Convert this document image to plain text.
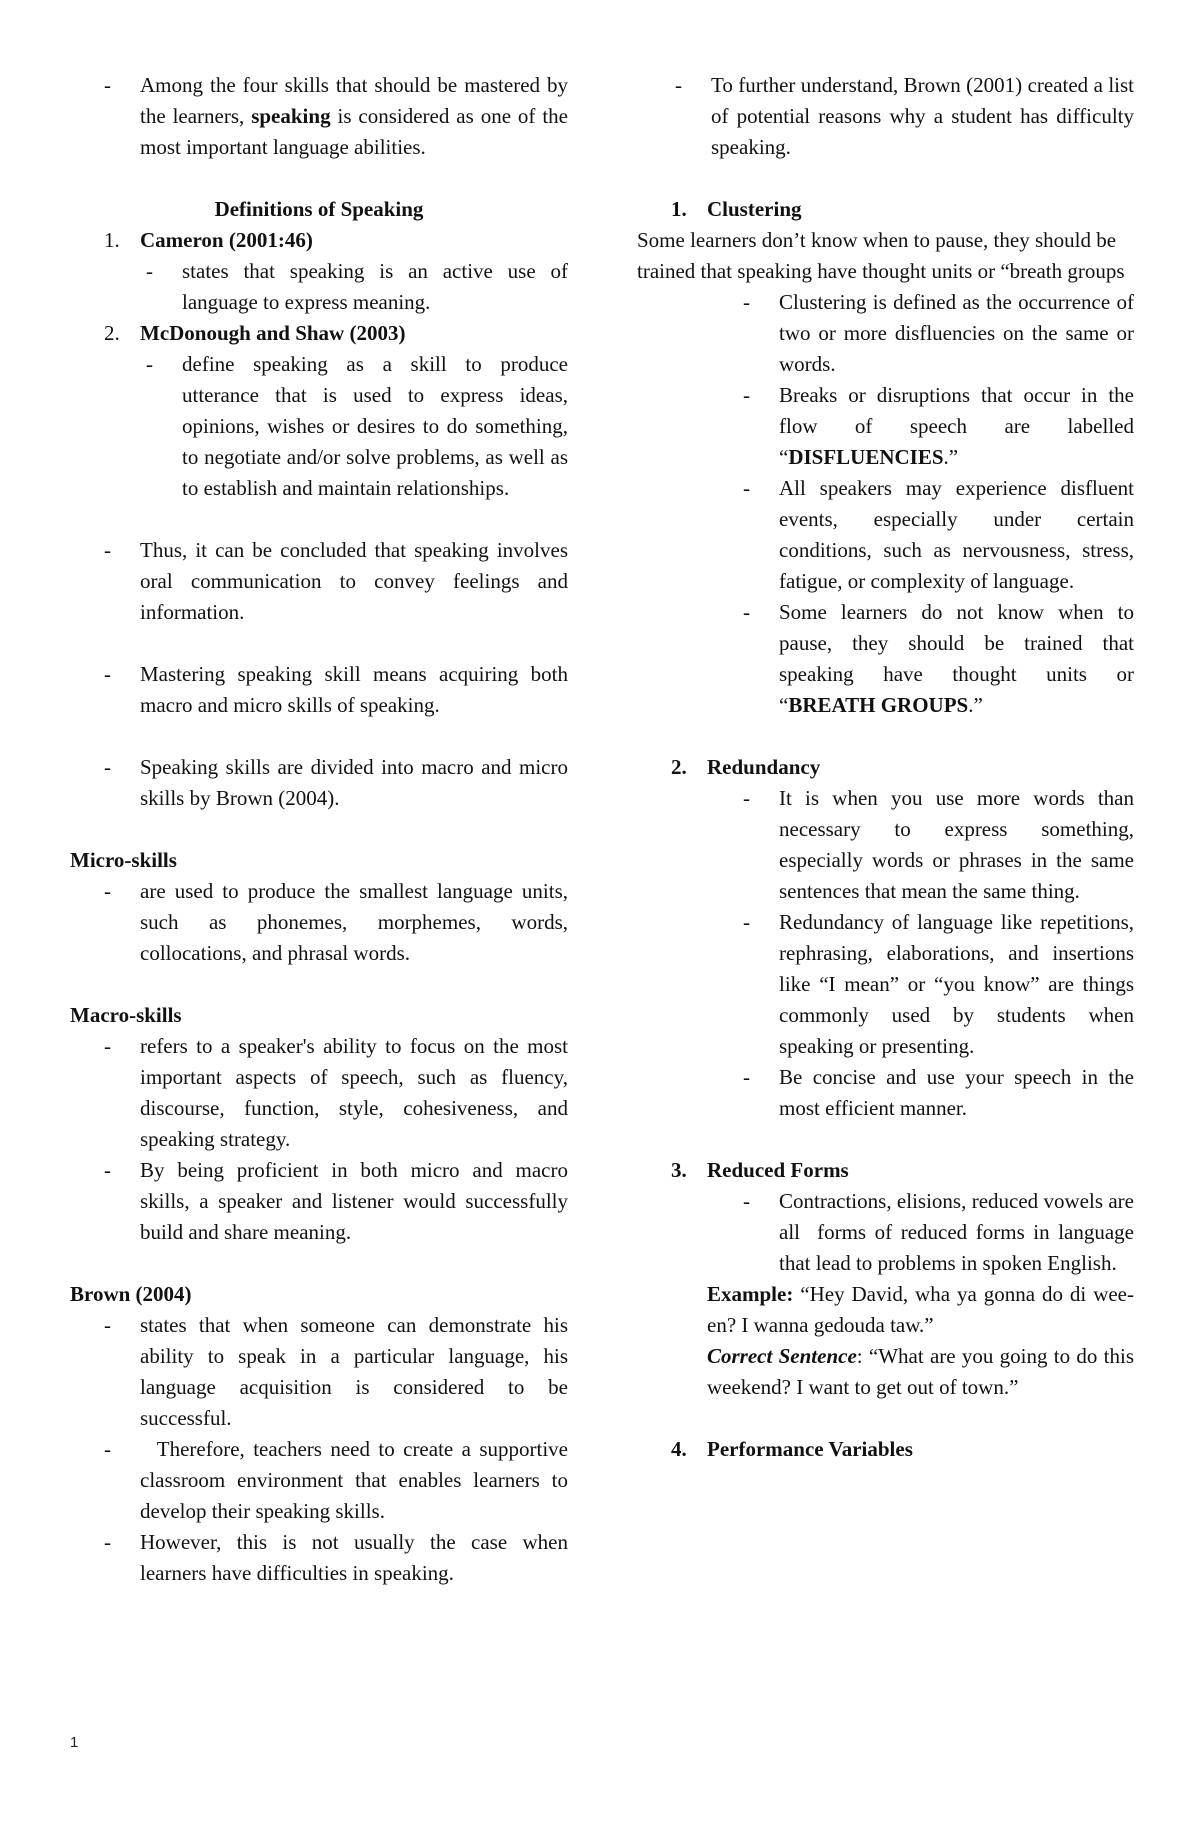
-	Among the four skills that should be mastered by the learners, speaking is considered as one of the most important language abilities.

Definitions of Speaking

1. Cameron (2001:46)
-	states that speaking is an active use of language to express meaning.
2. McDonough and Shaw (2003)
-	define speaking as a skill to produce utterance that is used to express ideas, opinions, wishes or desires to do something, to negotiate and/or solve problems, as well as to establish and maintain relationships.
-	Thus, it can be concluded that speaking involves oral communication to convey feelings and information.
-	Mastering speaking skill means acquiring both macro and micro skills of speaking.
-	Speaking skills are divided into macro and micro skills by Brown (2004).

Micro-skills

-	are used to produce the smallest language units, such as phonemes, morphemes, words, collocations, and phrasal words.

Macro-skills

-	refers to a speaker's ability to focus on the most important aspects of speech, such as fluency, discourse, function, style, cohesiveness, and speaking strategy.
-	By being proficient in both micro and macro skills, a speaker and listener would successfully build and share meaning.

Brown (2004)

-	states that when someone can demonstrate his ability to speak in a particular language, his language acquisition is considered to be successful.
-	Therefore, teachers need to create a supportive classroom environment that enables learners to develop their speaking skills.
-	However, this is not usually the case when learners have difficulties in speaking.
-	To further understand, Brown (2001) created a list of potential reasons why a student has difficulty speaking.
1. Clustering

Some learners don’t know when to pause, they should be

trained that speaking have thought units or “breath groups

-	Clustering is defined as the occurrence of two or more disfluencies on the same or words.
-	Breaks or disruptions that occur in the flow of speech are labelled “DISFLUENCIES.”
-	All speakers may experience disfluent events, especially under certain conditions, such as nervousness, stress, fatigue, or complexity of language.
-	Some learners do not know when to pause, they should be trained that speaking have thought units or “BREATH GROUPS.”
2. Redundancy
-	It is when you use more words than necessary to express something, especially words or phrases in the same sentences that mean the same thing.
-	Redundancy of language like repetitions, rephrasing, elaborations, and insertions like “I mean” or “you know” are things commonly used by students when speaking or presenting.
-	Be concise and use your speech in the most efficient manner.
3. Reduced Forms
-	Contractions, elisions, reduced vowels are all  forms of reduced forms in language that lead to problems in spoken English.

Example: “Hey David, wha ya gonna do di wee-en? I wanna gedouda taw.”

Correct Sentence: “What are you going to do this weekend? I want to get out of town.”

4. Performance Variables
1
